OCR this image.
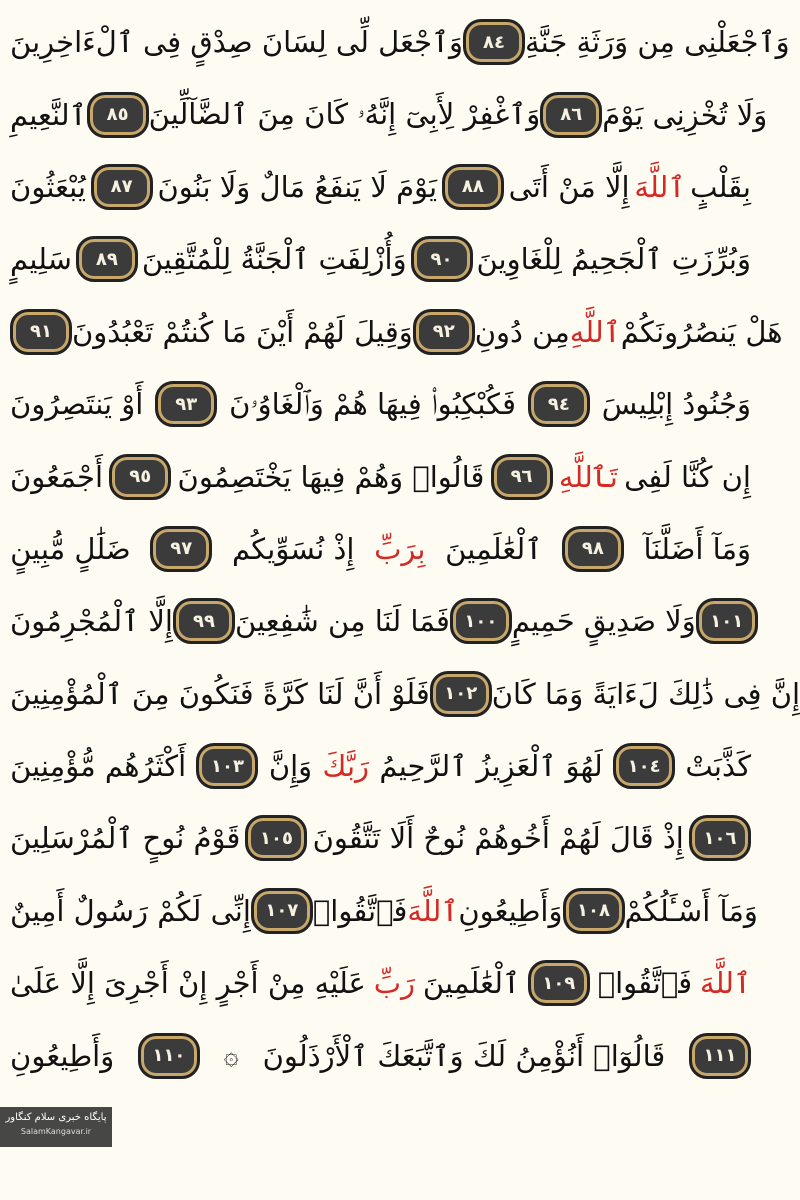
وَٱجْعَل لِّى لِسَانَ صِدْقٍ فِى ٱلْءَاخِرِينَ	٨٤ وَٱجْعَلْنِى مِن وَرَثَةِ جَنَّةِ
ٱلنَّعِيمِ	٨٥ وَٱغْفِرْ لِأَبِىٓ إِنَّهُۥ كَانَ مِنَ ٱلضَّآلِّينَ	٨٦ وَلَا تُخْزِنِى يَوْمَ
يُبْعَثُونَ	٨٧ يَوْمَ لَا يَنفَعُ مَالٌ وَلَا بَنُونَ	٨٨ إِلَّا مَنْ أَتَى ٱللَّهَ بِقَلْبٍ
سَلِيمٍ	٨٩ وَأُزْلِفَتِ ٱلْجَنَّةُ لِلْمُتَّقِينَ	٩٠ وَبُرِّزَتِ ٱلْجَحِيمُ لِلْغَاوِينَ
٩١ وَقِيلَ لَهُمْ أَيْنَ مَا كُنتُمْ تَعْبُدُونَ	٩٢ مِن دُونِ ٱللَّهِ هَلْ يَنصُرُونَكُمْ
أَوْ يَنتَصِرُونَ	٩٣	فَكُبْكِبُوا۟ فِيهَا هُمْ وَٱلْغَاوُۥنَ	٩٤	وَجُنُودُ إِبْلِيسَ
أَجْمَعُونَ	٩٥ قَالُوا۟ وَهُمْ فِيهَا يَخْتَصِمُونَ	٩٦ تَٱللَّهِ إِن كُنَّا لَفِى
ضَلَٰلٍ مُّبِينٍ	٩٧	إِذْ نُسَوِّيكُم بِرَبِّ ٱلْعَٰلَمِينَ	٩٨	وَمَآ أَضَلَّنَآ
إِلَّا ٱلْمُجْرِمُونَ	٩٩ فَمَا لَنَا مِن شَٰفِعِينَ ١٠٠ وَلَا صَدِيقٍ حَمِيمٍ ١٠١
فَلَوْ أَنَّ لَنَا كَرَّةً فَنَكُونَ مِنَ ٱلْمُؤْمِنِينَ ١٠٢ إِنَّ فِى ذَٰلِكَ لَءَايَةً وَمَا كَانَ
أَكْثَرُهُم مُّؤْمِنِينَ	١٠٣ وَإِنَّ رَبَّكَ لَهُوَ ٱلْعَزِيزُ ٱلرَّحِيمُ	١٠٤ كَذَّبَتْ
قَوْمُ نُوحٍ ٱلْمُرْسَلِينَ	١٠٥ إِذْ قَالَ لَهُمْ أَخُوهُمْ نُوحٌ أَلَا تَتَّقُونَ	١٠٦
إِنِّى لَكُمْ رَسُولٌ أَمِينٌ ١٠٧ فَٱتَّقُوا۟ ٱللَّهَ وَأَطِيعُونِ ١٠٨ وَمَآ أَسْـَٔلُكُمْ
عَلَيْهِ مِنْ أَجْرٍ إِنْ أَجْرِىَ إِلَّا عَلَىٰ رَبِّ ٱلْعَٰلَمِينَ	١٠٩ فَٱتَّقُوا۟ ٱللَّهَ
وَأَطِيعُونِ	١١٠	۞ قَالُوٓا۟ أَنُؤْمِنُ لَكَ وَٱتَّبَعَكَ ٱلْأَرْذَلُونَ	١١١
پایگاه خبری سلام کنگاور
SalamKangavar.ir
